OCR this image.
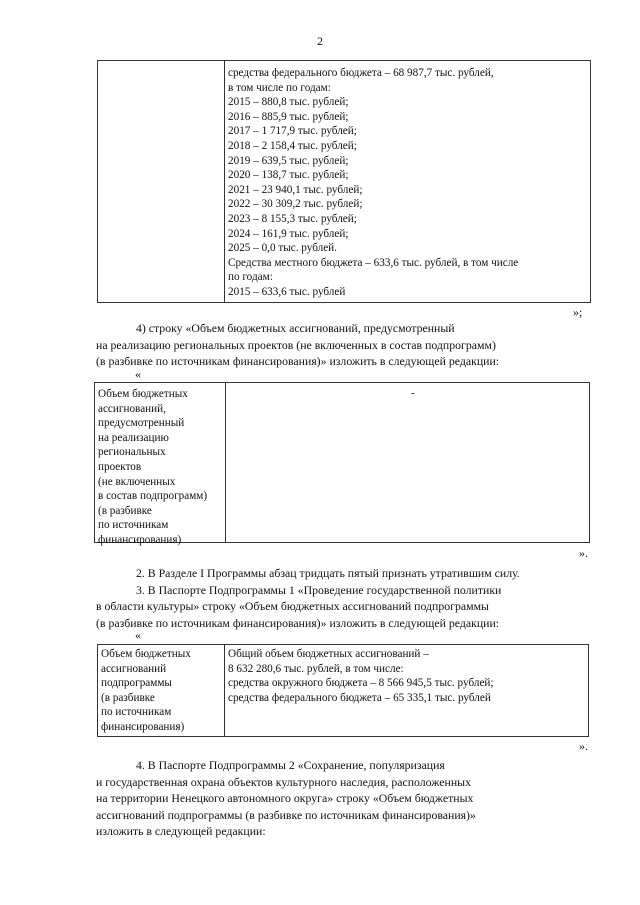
2

средства федерального бюджета – 68 987,7 тыс. рублей,

в том числе по годам:

2015 – 880,8 тыс. рублей;

2016 – 885,9 тыс. рублей;

2017 – 1 717,9 тыс. рублей;

2018 – 2 158,4 тыс. рублей;

2019 – 639,5 тыс. рублей;

2020 – 138,7 тыс. рублей;

2021 – 23 940,1 тыс. рублей;

2022 – 30 309,2 тыс. рублей;

2023 – 8 155,3 тыс. рублей;

2024 – 161,9 тыс. рублей;

2025 – 0,0 тыс. рублей.

Средства местного бюджета – 633,6 тыс. рублей, в том числе

по годам:

2015 – 633,6 тыс. рублей

»;

4) строку «Объем бюджетных ассигнований, предусмотренный

на реализацию региональных проектов (не включенных в состав подпрограмм)

(в разбивке по источникам финансирования)» изложить в следующей редакции:

«

Объем бюджетных

ассигнований,

предусмотренный

на реализацию

региональных

проектов

(не включенных

в состав подпрограмм)

(в разбивке

по источникам

финансирования)

-
».

2. В Разделе I Программы абзац тридцать пятый признать утратившим силу.

3. В Паспорте Подпрограммы 1 «Проведение государственной политики

в области культуры» строку «Объем бюджетных ассигнований подпрограммы

(в разбивке по источникам финансирования)» изложить в следующей редакции:

«

Объем бюджетных

ассигнований

подпрограммы

(в разбивке

по источникам

финансирования)

Общий объем бюджетных ассигнований –

8 632 280,6 тыс. рублей, в том числе:

средства окружного бюджета – 8 566 945,5 тыс. рублей;

средства федерального бюджета – 65 335,1 тыс. рублей

».

4. В Паспорте Подпрограммы 2 «Сохранение, популяризация

и государственная охрана объектов культурного наследия, расположенных

на территории Ненецкого автономного округа» строку «Объем бюджетных

ассигнований подпрограммы (в разбивке по источникам финансирования)»

изложить в следующей редакции:
